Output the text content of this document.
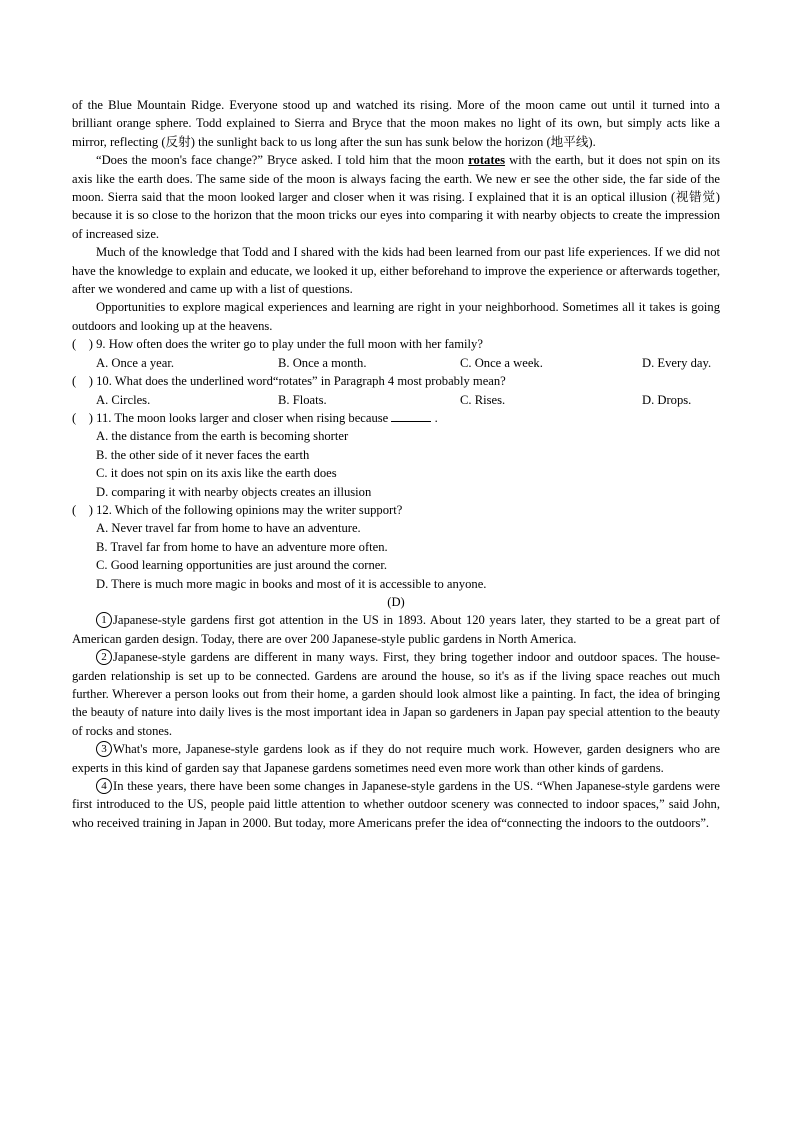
of the Blue Mountain Ridge. Everyone stood up and watched its rising. More of the moon came out until it turned into a brilliant orange sphere. Todd explained to Sierra and Bryce that the moon makes no light of its own, but simply acts like a mirror, reflecting (反射) the sunlight back to us long after the sun has sunk below the horizon (地平线).

“Does the moon's face change?” Bryce asked. I told him that the moon rotates with the earth, but it does not spin on its axis like the earth does. The same side of the moon is always facing the earth. We new er see the other side, the far side of the moon. Sierra said that the moon looked larger and closer when it was rising. I explained that it is an optical illusion (视错觉) because it is so close to the horizon that the moon tricks our eyes into comparing it with nearby objects to create the impression of increased size.

Much of the knowledge that Todd and I shared with the kids had been learned from our past life experiences. If we did not have the knowledge to explain and educate, we looked it up, either beforehand to improve the experience or afterwards together, after we wondered and came up with a list of questions.

Opportunities to explore magical experiences and learning are right in your neighborhood. Sometimes all it takes is going outdoors and looking up at the heavens.

(　) 9. How often does the writer go to play under the full moon with her family?

A. Once a year.	B. Once a month.	C. Once a week.	D. Every day.

(　) 10. What does the underlined word“rotates” in Paragraph 4 most probably mean?

A. Circles.	B. Floats.	C. Rises.	D. Drops.

(　) 11. The moon looks larger and closer when rising because	.

A. the distance from the earth is becoming shorter

B. the other side of it never faces the earth

C. it does not spin on its axis like the earth does

D. comparing it with nearby objects creates an illusion

(　) 12. Which of the following opinions may the writer support?

A. Never travel far from home to have an adventure.

B. Travel far from home to have an adventure more often.

C. Good learning opportunities are just around the corner.

D. There is much more magic in books and most of it is accessible to anyone.

(D)

1 Japanese-style gardens first got attention in the US in 1893. About 120 years later, they started to be a great part of American garden design. Today, there are over 200 Japanese-style public gardens in North America.

2 Japanese-style gardens are different in many ways. First, they bring together indoor and outdoor spaces. The house-garden relationship is set up to be connected. Gardens are around the house, so it's as if the living space reaches out much further. Wherever a person looks out from their home, a garden should look almost like a painting. In fact, the idea of bringing the beauty of nature into daily lives is the most important idea in Japan so gardeners in Japan pay special attention to the beauty of rocks and stones.

3 What's more, Japanese-style gardens look as if they do not require much work. However, garden designers who are experts in this kind of garden say that Japanese gardens sometimes need even more work than other kinds of gardens.

4 In these years, there have been some changes in Japanese-style gardens in the US. “When Japanese-style gardens were first introduced to the US, people paid little attention to whether outdoor scenery was connected to indoor spaces,” said John, who received training in Japan in 2000. But today, more Americans prefer the idea of“connecting the indoors to the outdoors”.
